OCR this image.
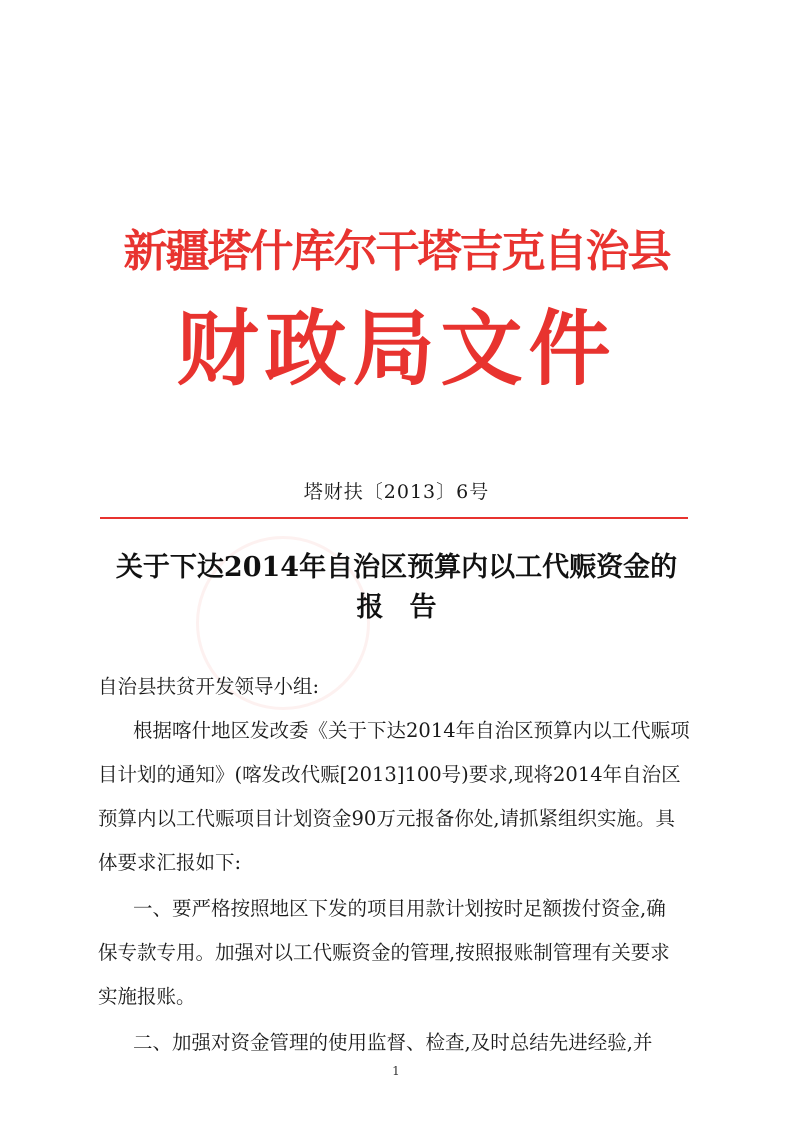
新疆塔什库尔干塔吉克自治县
财政局文件
塔财扶〔2013〕6号
关于下达2014年自治区预算内以工代赈资金的
报告
自治县扶贫开发领导小组:
根据喀什地区发改委《关于下达2014年自治区预算内以工代赈项
目计划的通知》(喀发改代赈[2013]100号)要求,现将2014年自治区
预算内以工代赈项目计划资金90万元报备你处,请抓紧组织实施。具
体要求汇报如下:
一、要严格按照地区下发的项目用款计划按时足额拨付资金,确
保专款专用。加强对以工代赈资金的管理,按照报账制管理有关要求
实施报账。
二、加强对资金管理的使用监督、检查,及时总结先进经验,并
1
